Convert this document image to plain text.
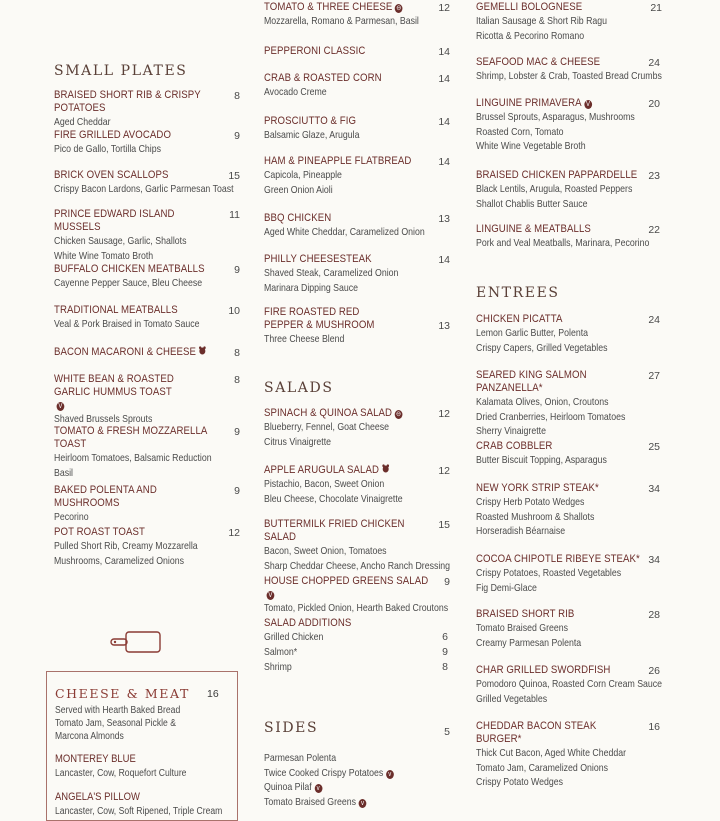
SMALL PLATES
BRAISED SHORT RIB & CRISPY POTATOES
8
Aged Cheddar
FIRE GRILLED AVOCADO	9
Pico de Gallo, Tortilla Chips
BRICK OVEN SCALLOPS	15
Crispy Bacon Lardons, Garlic Parmesan Toast
PRINCE EDWARD ISLAND MUSSELS
11
Chicken Sausage, Garlic, Shallots
White Wine Tomato Broth
BUFFALO CHICKEN MEATBALLS	9
Cayenne Pepper Sauce, Bleu Cheese
TRADITIONAL MEATBALLS	10
Veal & Pork Braised in Tomato Sauce
BACON MACARONI & CHEESE	8
WHITE BEAN & ROASTED GARLIC HUMMUS TOASTV
8
Shaved Brussels Sprouts
TOMATO & FRESH MOZZARELLA TOAST
9
Heirloom Tomatoes, Balsamic Reduction
Basil
BAKED POLENTA AND MUSHROOMS
9
Pecorino
POT ROAST TOAST	12
Pulled Short Rib, Creamy Mozzarella
Mushrooms, Caramelized Onions
CHEESE & MEAT 16
Served with Hearth Baked Bread
Tomato Jam, Seasonal Pickle &
Marcona Almonds
MONTEREY BLUE
Lancaster, Cow, Roquefort Culture
ANGELA'S PILLOW
Lancaster, Cow, Soft Ripened, Triple Cream
TOMATO & THREE CHEESE ⊖	12
Mozzarella, Romano & Parmesan, Basil
PEPPERONI CLASSIC	14
CRAB & ROASTED CORN	14
Avocado Creme
PROSCIUTTO & FIG	14
Balsamic Glaze, Arugula
HAM & PINEAPPLE FLATBREAD	14
Capicola, Pineapple
Green Onion Aioli
BBQ CHICKEN	13
Aged White Cheddar, Caramelized Onion
PHILLY CHEESESTEAK	14
Shaved Steak, Caramelized Onion
Marinara Dipping Sauce
FIRE ROASTED RED PEPPER & MUSHROOM	13
Three Cheese Blend
SALADS
SPINACH & QUINOA SALAD ⊖	12
Blueberry, Fennel, Goat Cheese
Citrus Vinaigrette
APPLE ARUGULA SALAD	12
Pistachio, Bacon, Sweet Onion
Bleu Cheese, Chocolate Vinaigrette
BUTTERMILK FRIED CHICKEN SALAD
15
Bacon, Sweet Onion, Tomatoes
Sharp Cheddar Cheese, Ancho Ranch Dressing
HOUSE CHOPPED GREENS SALADV
9
Tomato, Pickled Onion, Hearth Baked Croutons
SALAD ADDITIONS
Grilled Chicken	6
Salmon*	9
Shrimp	8
SIDES	5
Parmesan Polenta
Twice Cooked Crispy Potatoes v
Quinoa Pilaf v
Tomato Braised Greens v
GEMELLI BOLOGNESE	21
Italian Sausage & Short Rib Ragu
Ricotta & Pecorino Romano
SEAFOOD MAC & CHEESE	24
Shrimp, Lobster & Crab, Toasted Bread Crumbs
LINGUINE PRIMAVERA V	20
Brussel Sprouts, Asparagus, Mushrooms
Roasted Corn, Tomato
White Wine Vegetable Broth
BRAISED CHICKEN PAPPARDELLE	23
Black Lentils, Arugula, Roasted Peppers
Shallot Chablis Butter Sauce
LINGUINE & MEATBALLS	22
Pork and Veal Meatballs, Marinara, Pecorino
ENTREES
CHICKEN PICATTA	24
Lemon Garlic Butter, Polenta
Crispy Capers, Grilled Vegetables
SEARED KING SALMON PANZANELLA*
27
Kalamata Olives, Onion, Croutons
Dried Cranberries, Heirloom Tomatoes
Sherry Vinaigrette
CRAB COBBLER	25
Butter Biscuit Topping, Asparagus
NEW YORK STRIP STEAK*	34
Crispy Herb Potato Wedges
Roasted Mushroom & Shallots
Horseradish Béarnaise
COCOA CHIPOTLE RIBEYE STEAK* 34
Crispy Potatoes, Roasted Vegetables
Fig Demi-Glace
BRAISED SHORT RIB	28
Tomato Braised Greens
Creamy Parmesan Polenta
CHAR GRILLED SWORDFISH	26
Pomodoro Quinoa, Roasted Corn Cream Sauce
Grilled Vegetables
CHEDDAR BACON STEAK BURGER*
16
Thick Cut Bacon, Aged White Cheddar
Tomato Jam, Caramelized Onions
Crispy Potato Wedges
